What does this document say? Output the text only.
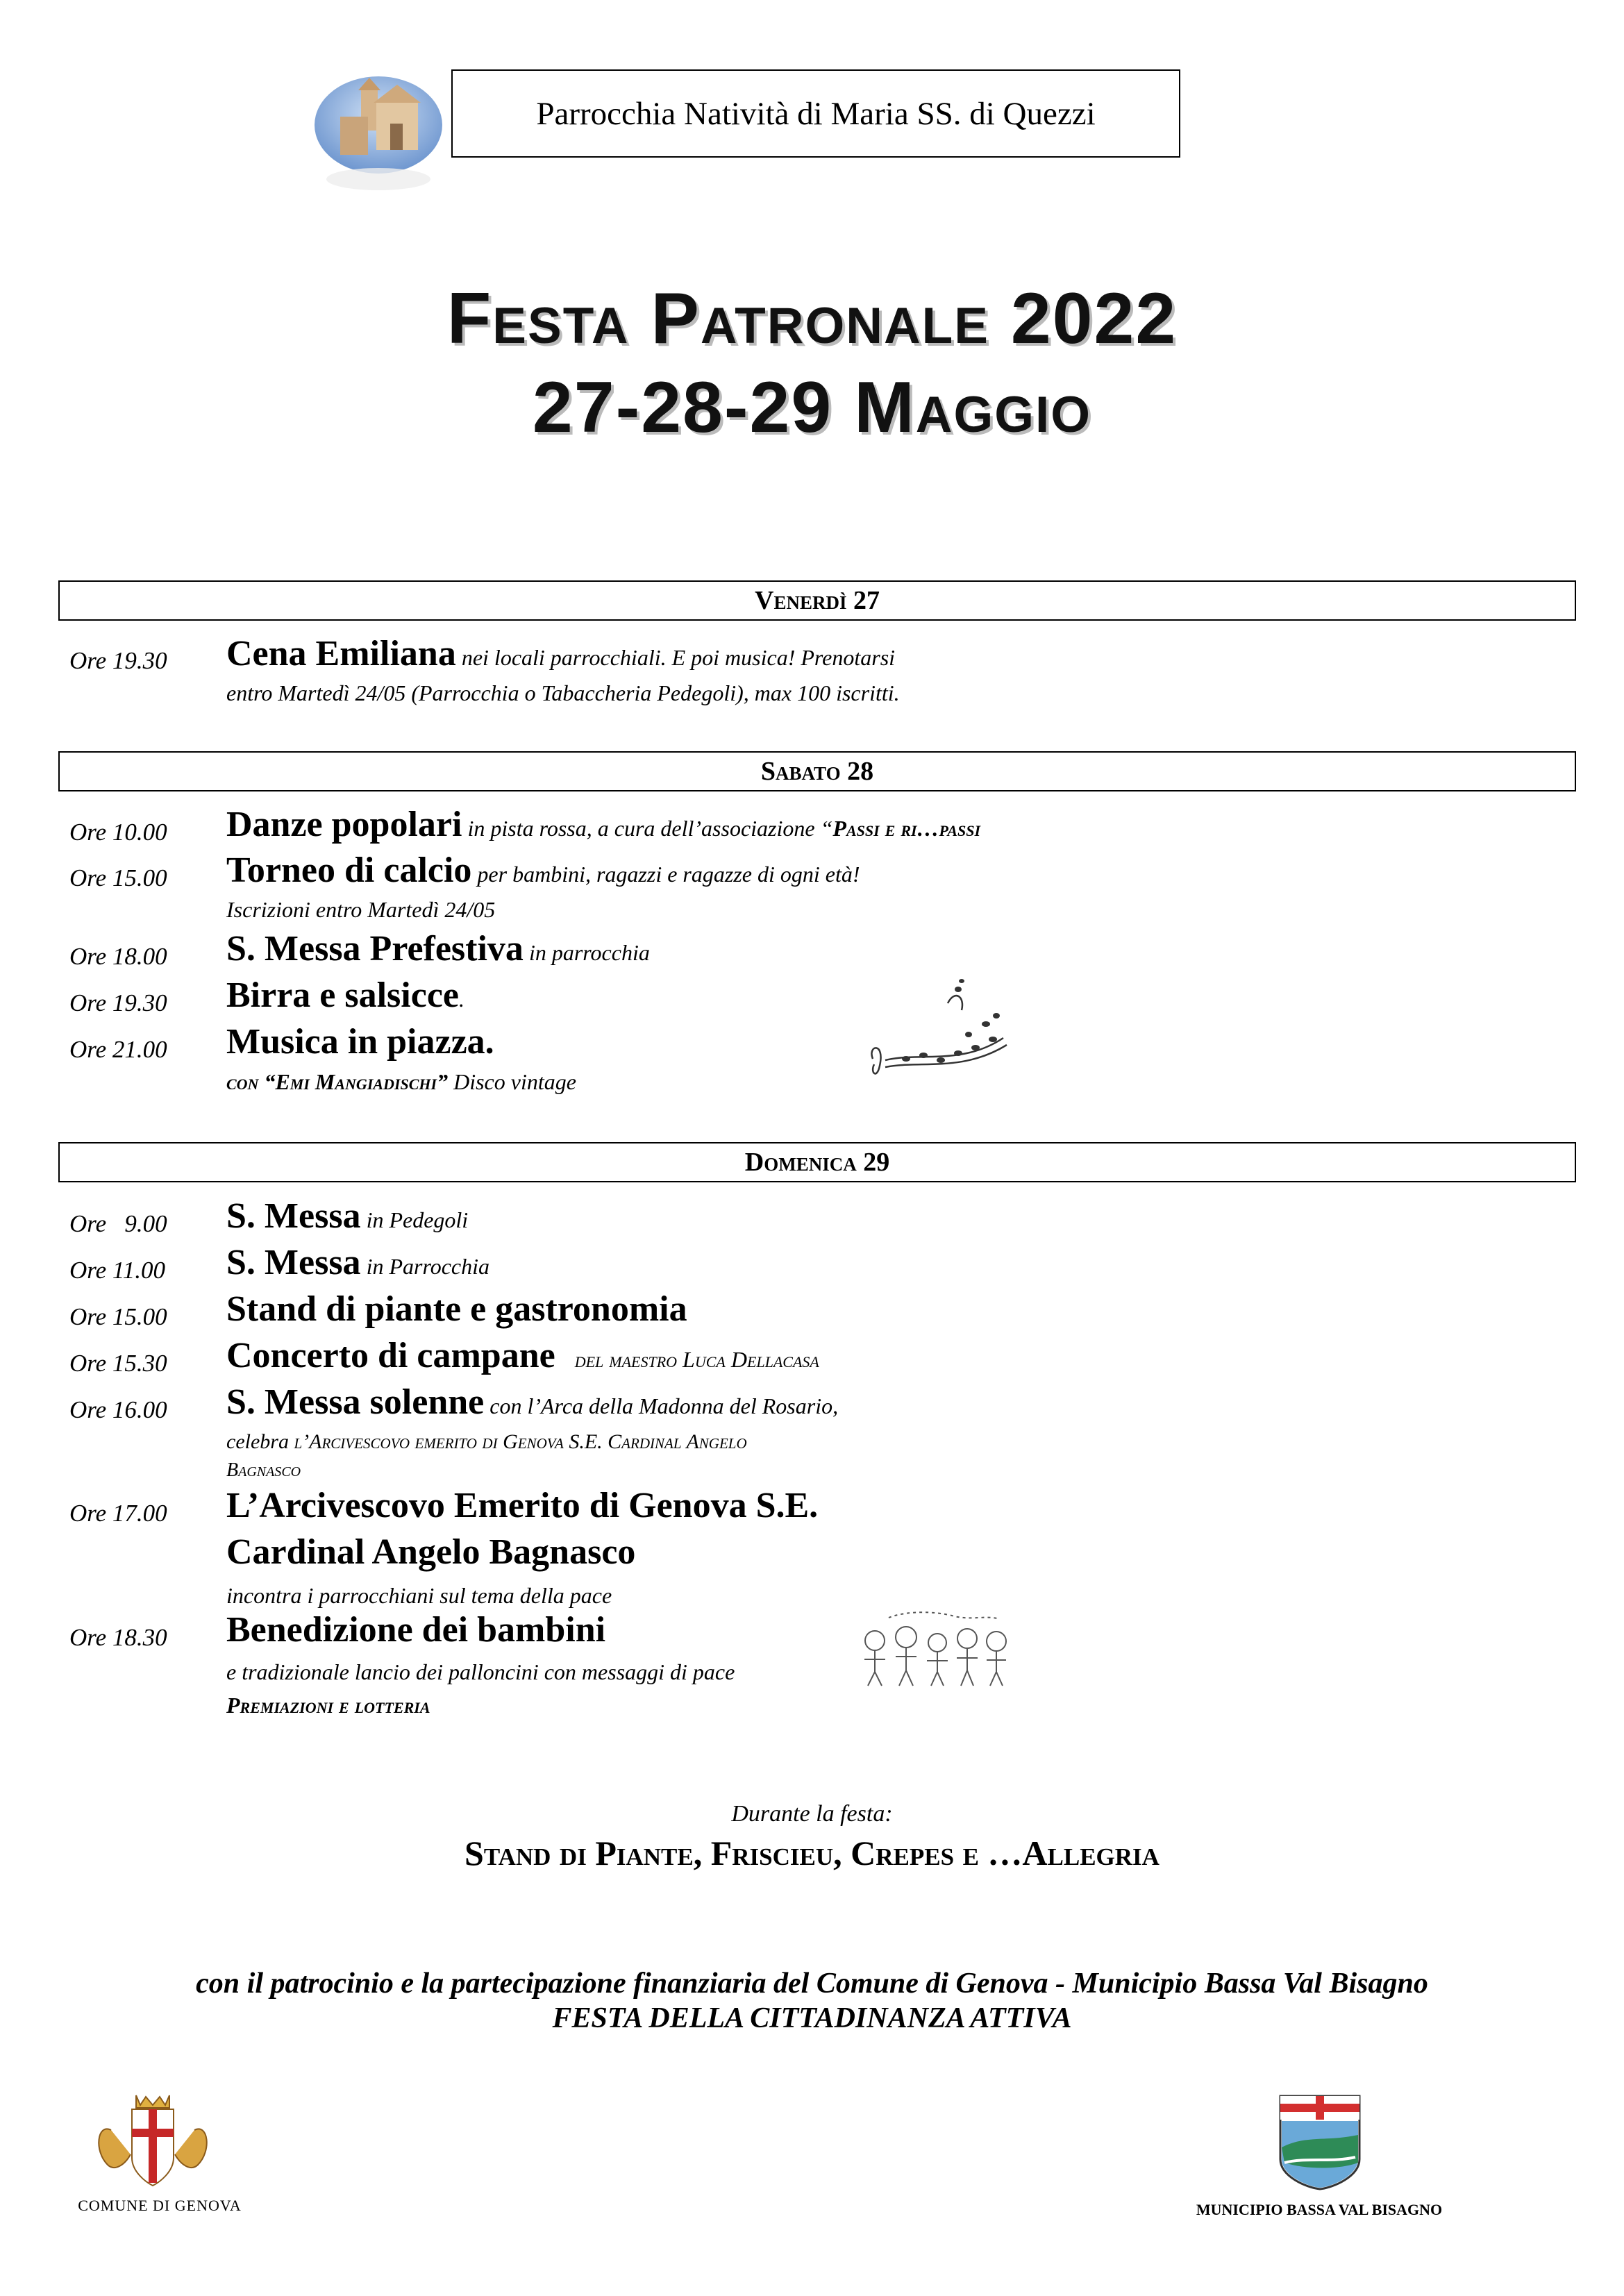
Parrocchia Natività di Maria SS. di Quezzi
Festa Patronale 2022
27-28-29 Maggio
Venerdì 27
Ore 19.30 Cena Emiliana nei locali parrocchiali. E poi musica! Prenotarsi
entro Martedì 24/05 (Parrocchia o Tabaccheria Pedegoli), max 100 iscritti.
Sabato 28
Ore 10.00 Danze popolari in pista rossa, a cura dell’associazione “Passi e ri…passi
Ore 15.00 Torneo di calcio per bambini, ragazzi e ragazze di ogni età!
Iscrizioni entro Martedì 24/05
Ore 18.00 S. Messa Prefestiva in parrocchia
Ore 19.30 Birra e salsicce.
Ore 21.00 Musica in piazza.
con “Emi Mangiadischi” Disco vintage
Domenica 29
Ore   9.00 S. Messa in Pedegoli
Ore 11.00 S. Messa in Parrocchia
Ore 15.00 Stand di piante e gastronomia
Ore 15.30 Concerto di campane del maestro Luca Dellacasa
Ore 16.00 S. Messa solenne con l’Arca della Madonna del Rosario,
celebra l’Arcivescovo emerito di Genova S.E. Cardinal Angelo
Bagnasco
Ore 17.00 L’Arcivescovo Emerito di Genova S.E.
Cardinal Angelo Bagnasco
incontra i parrocchiani sul tema della pace
Ore 18.30 Benedizione dei bambini
e tradizionale lancio dei palloncini con messaggi di pace
Premiazioni e lotteria
Durante la festa:
Stand di Piante, Friscieu, Crepes e …Allegria
con il patrocinio e la partecipazione finanziaria del Comune di Genova - Municipio Bassa Val Bisagno
FESTA DELLA CITTADINANZA ATTIVA
COMUNE DI GENOVA	MUNICIPIO BASSA VAL BISAGNO
